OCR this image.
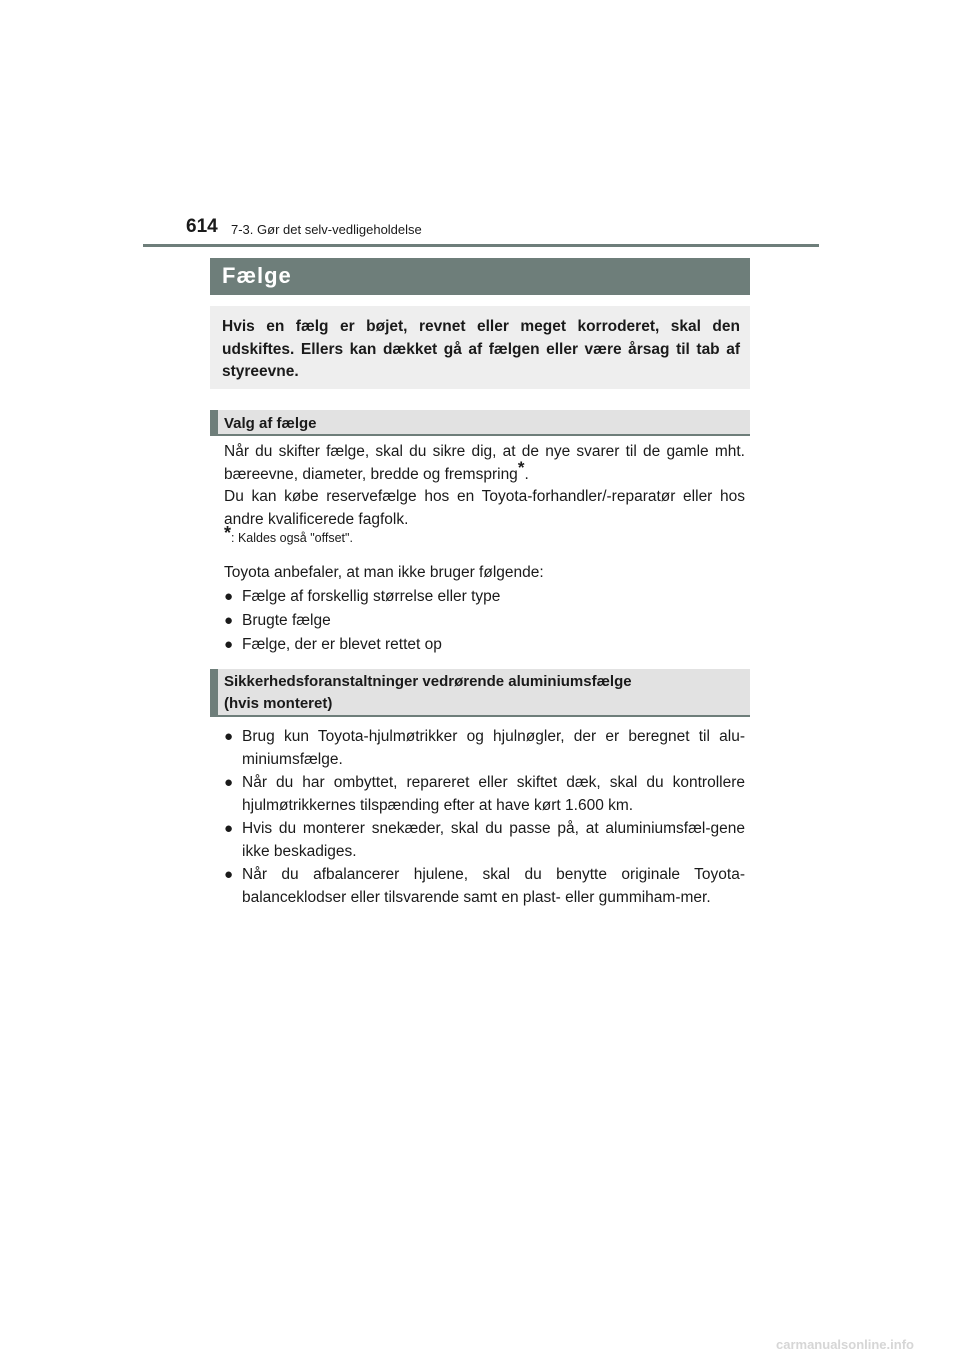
614 7-3. Gør det selv-vedligeholdelse
Fælge
Hvis en fælg er bøjet, revnet eller meget korroderet, skal den udskiftes. Ellers kan dækket gå af fælgen eller være årsag til tab af styreevne.
Valg af fælge
Når du skifter fælge, skal du sikre dig, at de nye svarer til de gamle mht. bæreevne, diameter, bredde og fremspring*.
Du kan købe reservefælge hos en Toyota-forhandler/-reparatør eller hos andre kvalificerede fagfolk.
*: Kaldes også "offset".
Toyota anbefaler, at man ikke bruger følgende:
● Fælge af forskellig størrelse eller type
● Brugte fælge
● Fælge, der er blevet rettet op
Sikkerhedsforanstaltninger vedrørende aluminiumsfælge
(hvis monteret)
● Brug kun Toyota-hjulmøtrikker og hjulnøgler, der er beregnet til alu-miniumsfælge.
● Når du har ombyttet, repareret eller skiftet dæk, skal du kontrollere hjulmøtrikkernes tilspænding efter at have kørt 1.600 km.
● Hvis du monterer snekæder, skal du passe på, at aluminiumsfæl-gene ikke beskadiges.
● Når du afbalancerer hjulene, skal du benytte originale Toyota-balanceklodser eller tilsvarende samt en plast- eller gummiham-mer.
carmanualsonline.info
